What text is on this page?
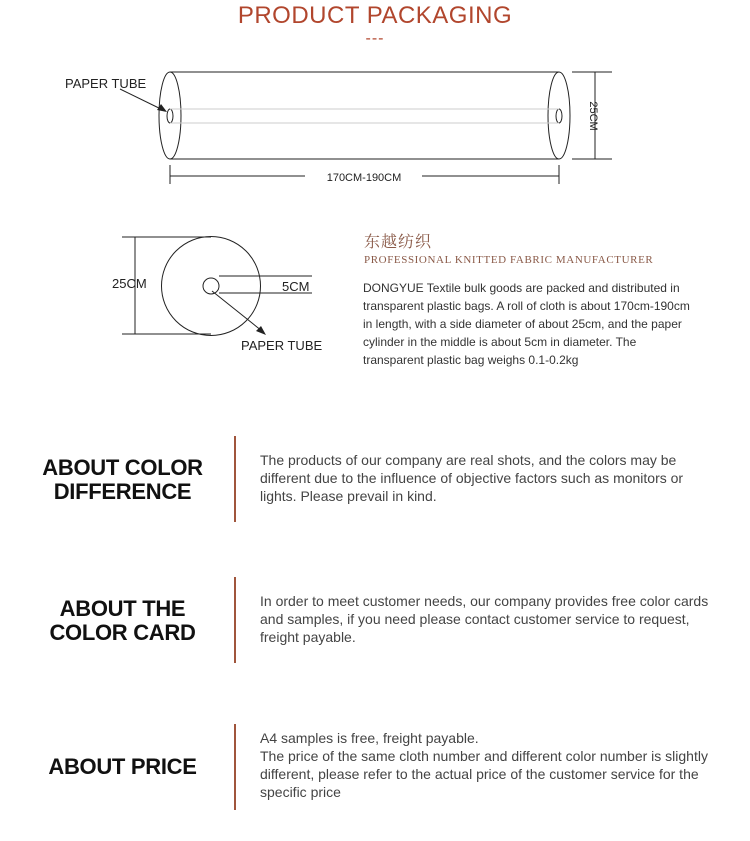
PRODUCT PACKAGING
---
PAPER TUBE
170CM-190CM
25CM
25CM	5CM
PAPER TUBE
东越纺织
PROFESSIONAL KNITTED FABRIC MANUFACTURER
DONGYUE Textile bulk goods are packed and distributed in transparent plastic bags. A roll of cloth is about 170cm-190cm in length, with a side diameter of about 25cm, and the paper cylinder in the middle is about 5cm in diameter. The transparent plastic bag weighs 0.1-0.2kg
ABOUT COLOR
DIFFERENCE
The products of our company are real shots, and the colors may be different due to the influence of objective factors such as monitors or lights. Please prevail in kind.
ABOUT THE
COLOR CARD
In order to meet customer needs, our company provides free color cards and samples, if you need please contact customer service to request, freight payable.
ABOUT PRICE
A4 samples is free, freight payable.
The price of the same cloth number and different color number is slightly different, please refer to the actual price of the customer service for the specific price
